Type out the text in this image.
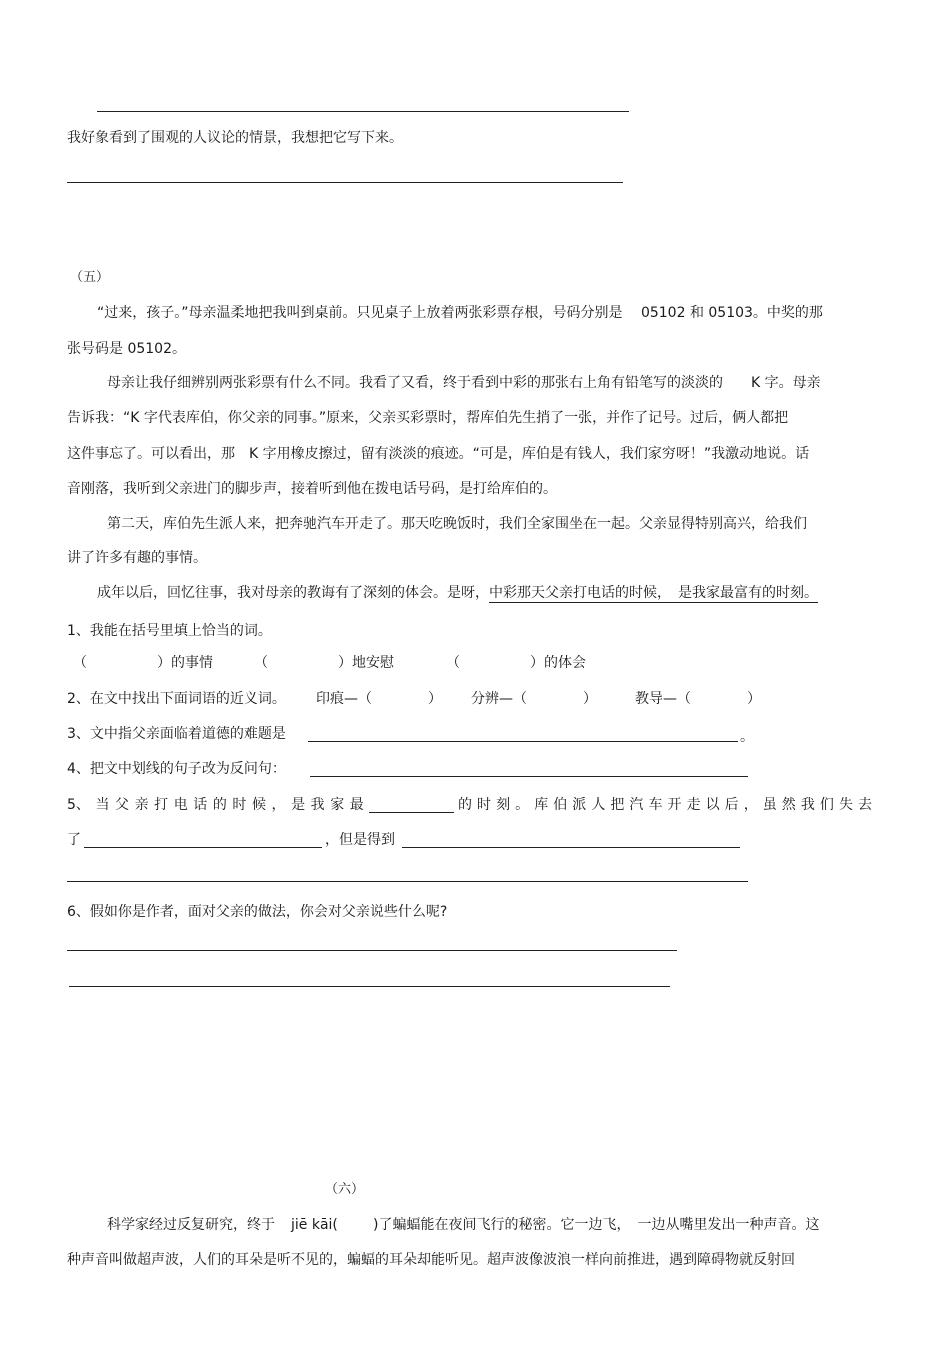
我好象看到了围观的人议论的情景，我想把它写下来。
（五）
“过来，孩子。”母亲温柔地把我叫到桌前。只见桌子上放着两张彩票存根，号码分别是　 05102 和 05103。中奖的那
张号码是 05102。
母亲让我仔细辨别两张彩票有什么不同。我看了又看，终于看到中彩的那张右上角有铅笔写的淡淡的　　K 字。母亲
告诉我：“K 字代表库伯，你父亲的同事。”原来，父亲买彩票时，帮库伯先生捎了一张，并作了记号。过后，俩人都把
这件事忘了。可以看出，那　K 字用橡皮擦过，留有淡淡的痕迹。“可是，库伯是有钱人，我们家穷呀！”我激动地说。话
音刚落，我听到父亲进门的脚步声，接着听到他在拨电话号码，是打给库伯的。
第二天，库伯先生派人来，把奔驰汽车开走了。那天吃晚饭时，我们全家围坐在一起。父亲显得特别高兴，给我们
讲了许多有趣的事情。
成年以后，回忆往事，我对母亲的教诲有了深刻的体会。是呀，中彩那天父亲打电话的时候，　是我家最富有的时刻。
1、我能在括号里填上恰当的词。
（　　　　　）的事情	（　　　　　）地安慰	（　　　　　）的体会
2、在文中找出下面词语的近义词。 印痕—（　　　　） 分辨—（　　　　）	教导—（　　　　）
3、文中指父亲面临着道德的难题是	。
4、把文中划线的句子改为反问句：
5、 当 父 亲 打 电 话 的 时 候 ， 是 我 家 最	的 时 刻 。 库 伯 派 人 把 汽 车 开 走 以 后 ， 虽 然 我 们 失 去
了	，但是得到
6、假如你是作者，面对父亲的做法，你会对父亲说些什么呢?
（六）
科学家经过反复研究，终于 jiē kāi(	)了蝙蝠能在夜间飞行的秘密。它一边飞，　一边从嘴里发出一种声音。这
种声音叫做超声波，人们的耳朵是听不见的，蝙蝠的耳朵却能听见。超声波像波浪一样向前推进，遇到障碍物就反射回
